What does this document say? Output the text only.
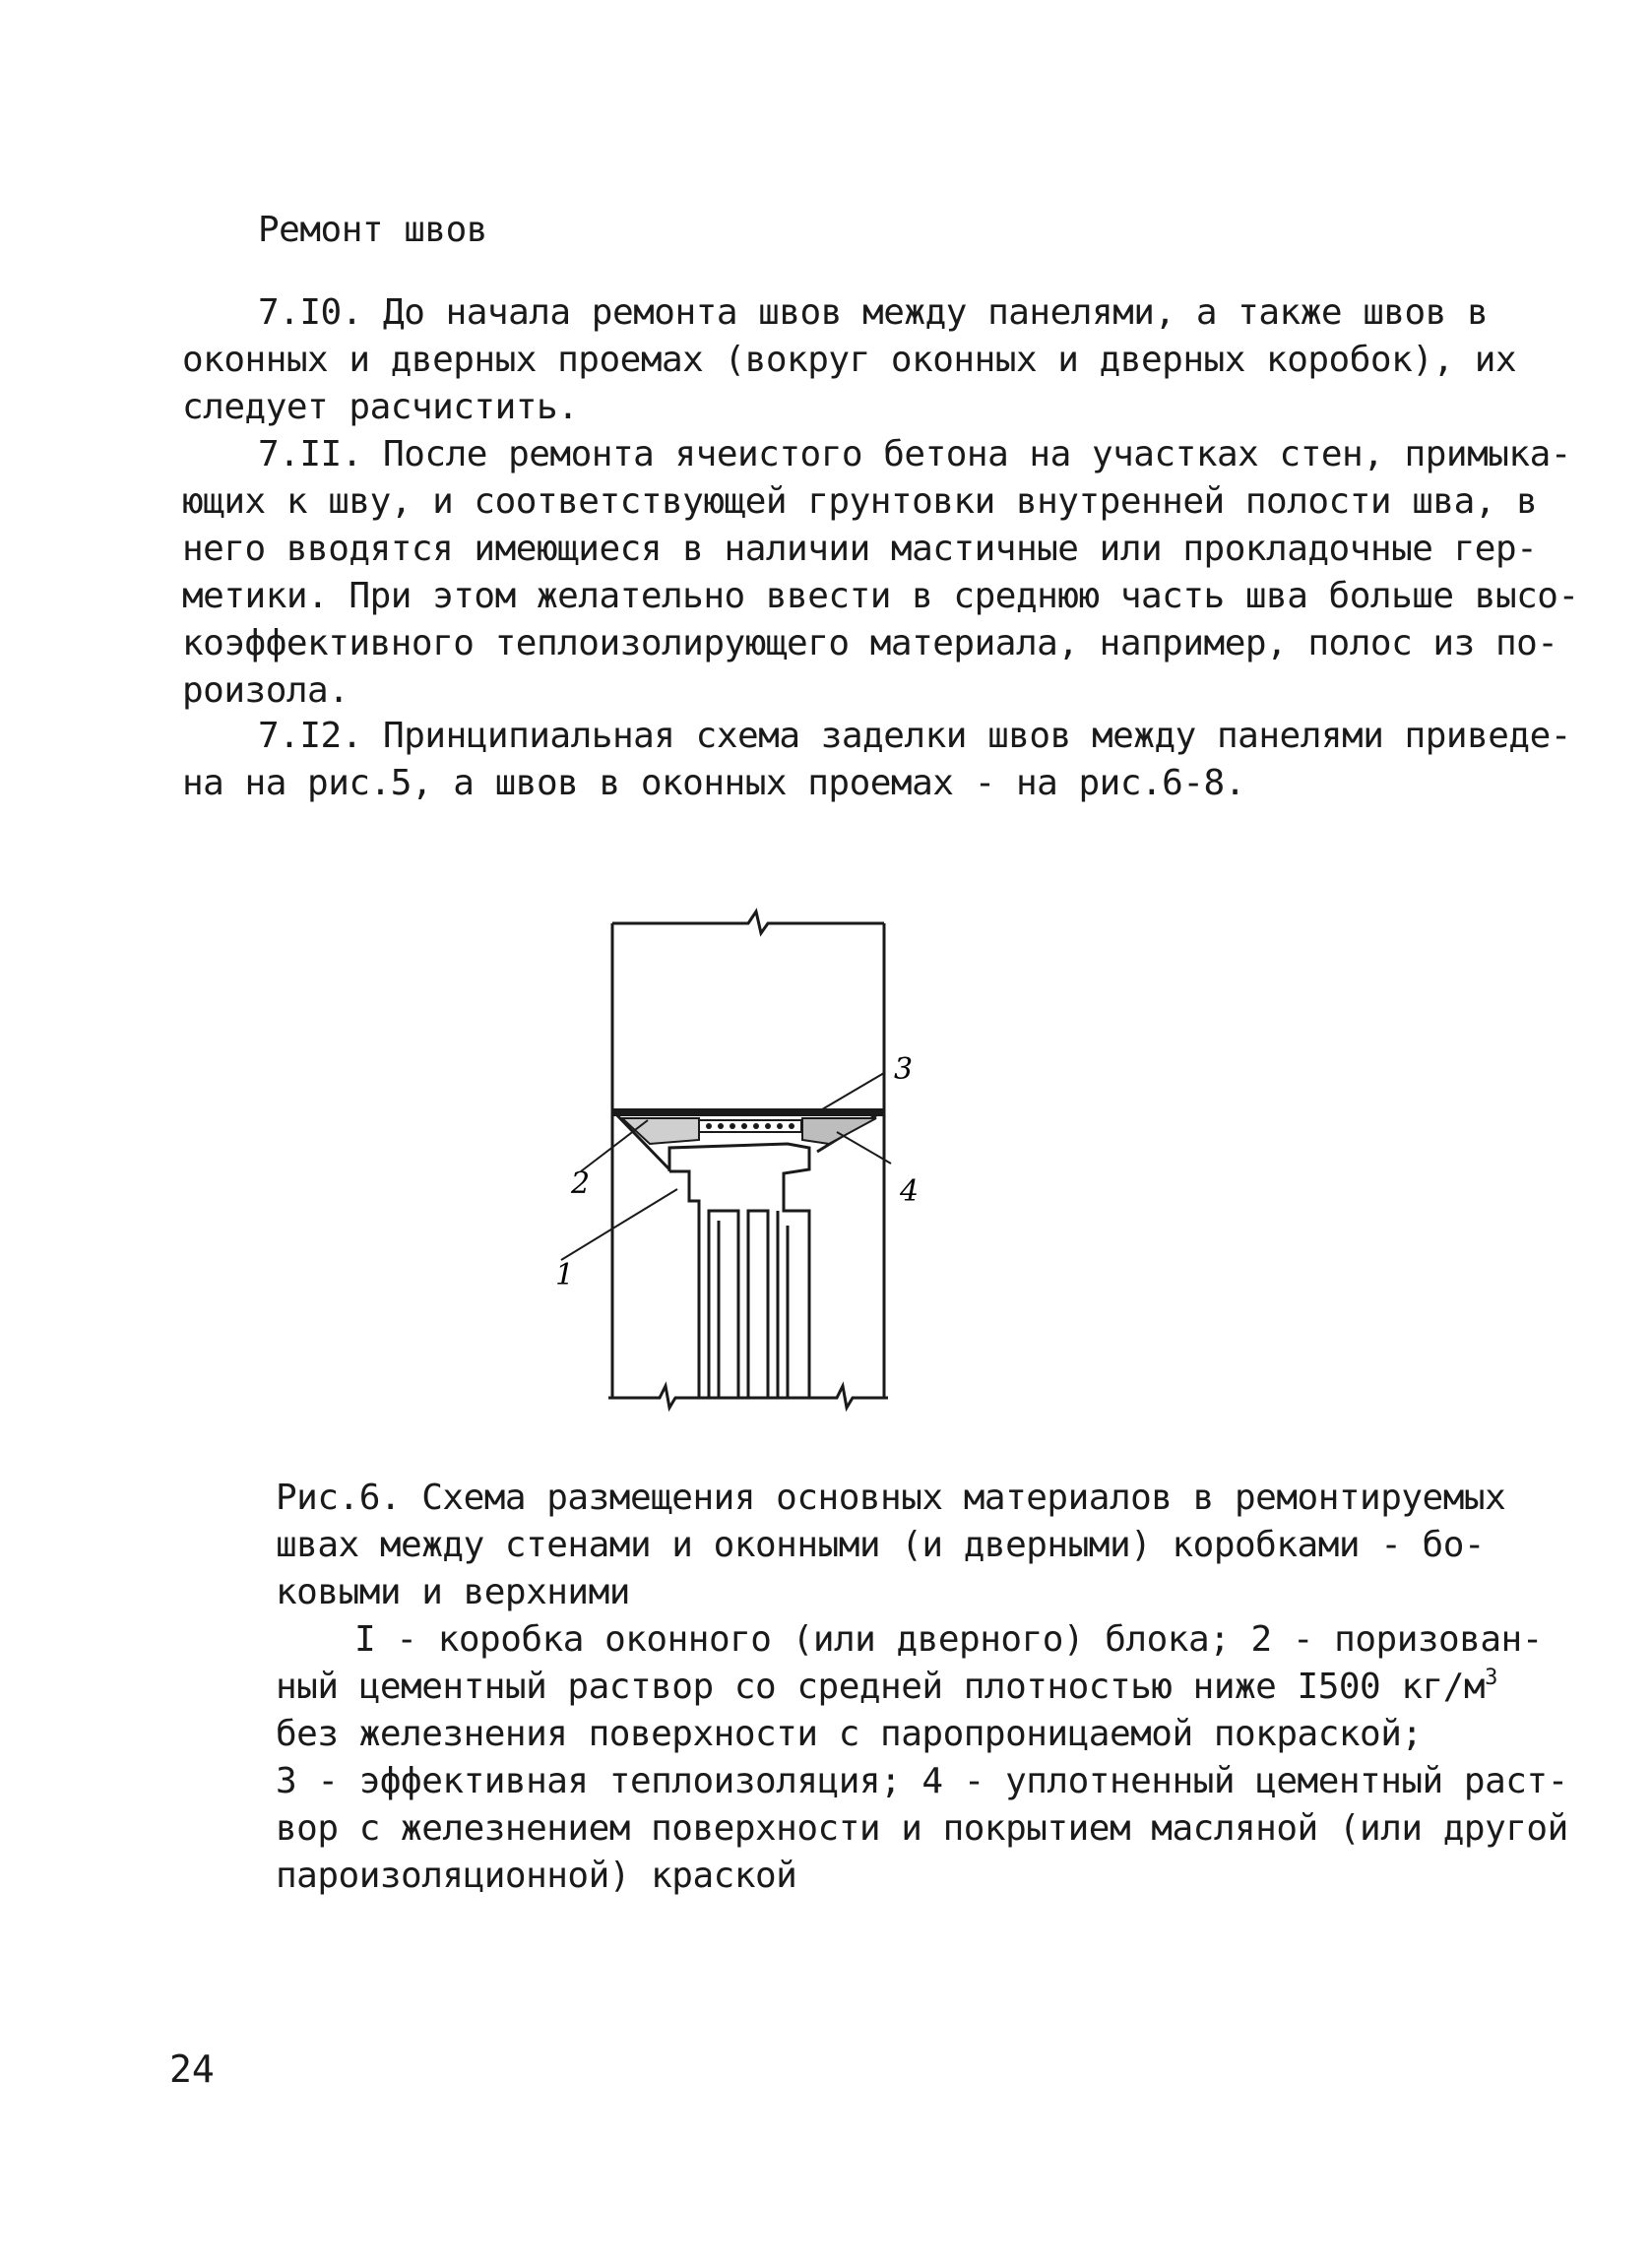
Ремонт швов
7.I0. До начала ремонта швов между панелями, а также швов в
оконных и дверных проемах (вокруг оконных и дверных коробок), их
следует расчистить.
7.II. После ремонта ячеистого бетона на участках стен, примыка-
ющих к шву, и соответствующей грунтовки внутренней полости шва, в
него вводятся имеющиеся в наличии мастичные или прокладочные гер-
метики. При этом желательно ввести в среднюю часть шва больше высо-
коэффективного теплоизолирующего материала, например, полос из по-
роизола.
7.I2. Принципиальная схема заделки швов между панелями приведе-
на на рис.5, а швов в оконных проемах - на рис.6-8.
1
2
3
4
Рис.6. Схема размещения основных материалов в ремонтируемых
швах между стенами и оконными (и дверными) коробками - бо-
ковыми и верхними
I - коробка оконного (или дверного) блока; 2 - поризован-
ный цементный раствор со средней плотностью ниже I500 $кг/м^3$
без железнения поверхности с паропроницаемой покраской;
3 - эффективная теплоизоляция; 4 - уплотненный цементный раст-
вор с железнением поверхности и покрытием масляной (или другой
пароизоляционной) краской
24
